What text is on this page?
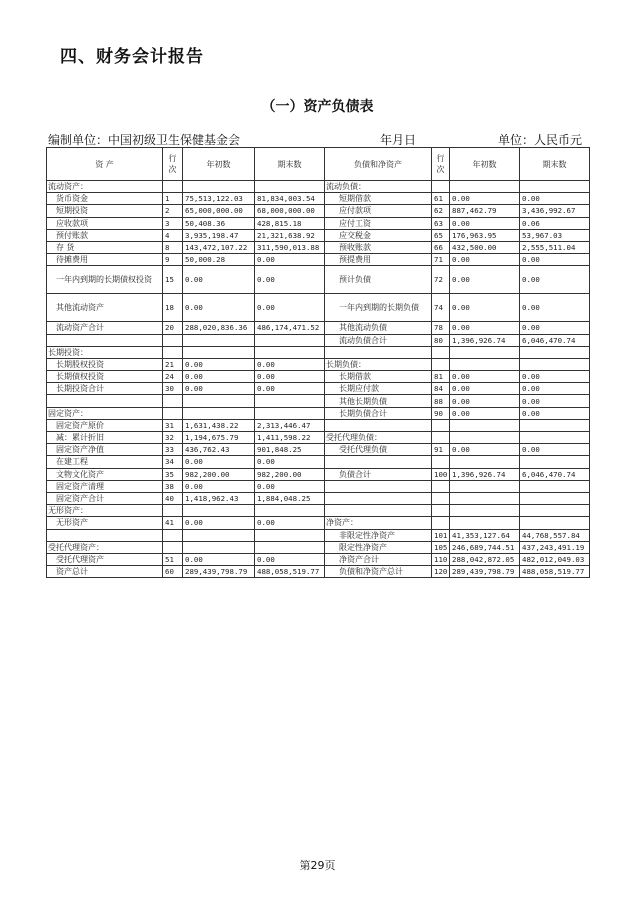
四、财务会计报告
（一）资产负债表
编制单位：中国初级卫生保健基金会	年月日	单位：人民币元
资 产	行次	年初数	期末数	负债和净资产	行次	年初数	期末数
流动资产：				流动负债：			
货币资金	1	75,513,122.03	81,834,003.54	短期借款	61	0.00	0.00
短期投资	2	65,000,000.00	68,000,000.00	应付款项	62	887,462.79	3,436,992.67
应收款项	3	50,408.36	428,815.18	应付工资	63	0.00	0.06
预付账款	4	3,935,198.47	21,321,638.92	应交税金	65	176,963.95	53,967.03
存 货	8	143,472,107.22	311,590,013.88	预收账款	66	432,500.00	2,555,511.04
待摊费用	9	50,000.28	0.00	预提费用	71	0.00	0.00
一年内到期的长期债权投资	15	0.00	0.00	预计负债	72	0.00	0.00
其他流动资产	18	0.00	0.00	一年内到期的长期负债	74	0.00	0.00
流动资产合计	20	288,020,836.36	486,174,471.52	其他流动负债	78	0.00	0.00
				流动负债合计	80	1,396,926.74	6,046,470.74
长期投资：							
长期股权投资	21	0.00	0.00	长期负债：			
长期债权投资	24	0.00	0.00	长期借款	81	0.00	0.00
长期投资合计	30	0.00	0.00	长期应付款	84	0.00	0.00
				其他长期负债	88	0.00	0.00
固定资产：				长期负债合计	90	0.00	0.00
固定资产原价	31	1,631,438.22	2,313,446.47				
减：累计折旧	32	1,194,675.79	1,411,598.22	受托代理负债：			
固定资产净值	33	436,762.43	901,848.25	受托代理负债	91	0.00	0.00
在建工程	34	0.00	0.00				
文物文化资产	35	982,200.00	982,200.00	负债合计	100	1,396,926.74	6,046,470.74
固定资产清理	38	0.00	0.00				
固定资产合计	40	1,418,962.43	1,884,048.25				
无形资产：							
无形资产	41	0.00	0.00	净资产：			
				非限定性净资产	101	41,353,127.64	44,768,557.84
受托代理资产：				限定性净资产	105	246,689,744.51	437,243,491.19
受托代理资产	51	0.00	0.00	净资产合计	110	288,042,872.05	482,012,049.03
资产总计	60	289,439,798.79	488,058,519.77	负债和净资产总计	120	289,439,798.79	488,058,519.77
第29页
